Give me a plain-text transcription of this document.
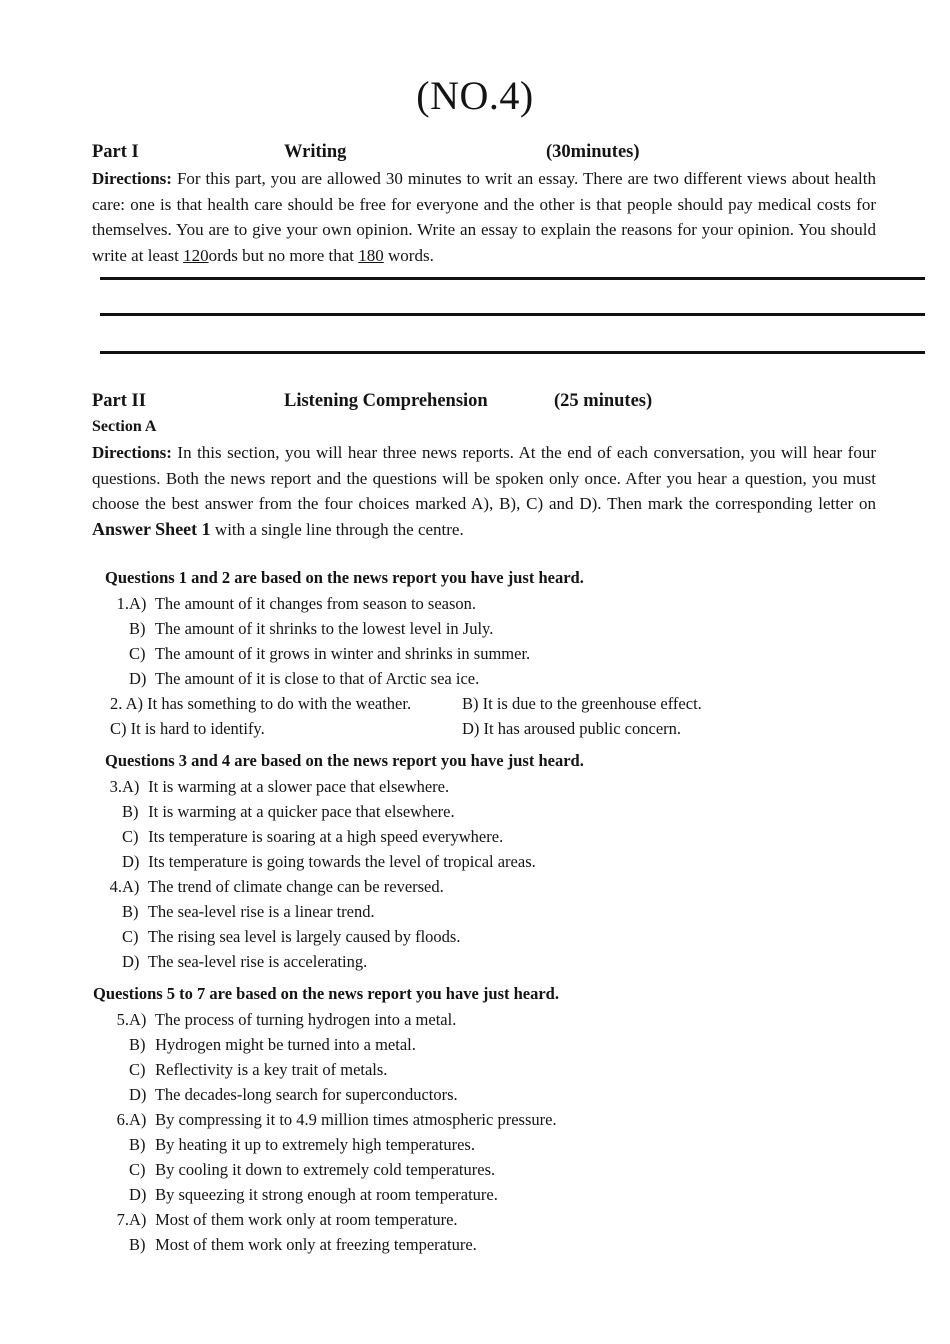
(NO.4)
Part I	Writing	(30minutes)
Directions: For this part, you are allowed 30 minutes to writ an essay. There are two different views about health care: one is that health care should be free for everyone and the other is that people should pay medical costs for themselves. You are to give your own opinion. Write an essay to explain the reasons for your opinion. You should write at least 120ords but no more that 180 words.
Part II	Listening Comprehension	(25 minutes)
Section A
Directions: In this section, you will hear three news reports. At the end of each conversation, you will hear four questions. Both the news report and the questions will be spoken only once. After you hear a question, you must choose the best answer from the four choices marked A), B), C) and D). Then mark the corresponding letter on Answer Sheet 1 with a single line through the centre.
Questions 1 and 2 are based on the news report you have just heard.
1.A) The amount of it changes from season to season.
B) The amount of it shrinks to the lowest level in July.
C) The amount of it grows in winter and shrinks in summer.
D) The amount of it is close to that of Arctic sea ice.
2. A) It has something to do with the weather.	B) It is due to the greenhouse effect.
C) It is hard to identify.	D) It has aroused public concern.
Questions 3 and 4 are based on the news report you have just heard.
3.A) It is warming at a slower pace that elsewhere.
B) It is warming at a quicker pace that elsewhere.
C) Its temperature is soaring at a high speed everywhere.
D) Its temperature is going towards the level of tropical areas.
4.A) The trend of climate change can be reversed.
B) The sea-level rise is a linear trend.
C) The rising sea level is largely caused by floods.
D) The sea-level rise is accelerating.
Questions 5 to 7 are based on the news report you have just heard.
5.A) The process of turning hydrogen into a metal.
B) Hydrogen might be turned into a metal.
C) Reflectivity is a key trait of metals.
D) The decades-long search for superconductors.
6.A) By compressing it to 4.9 million times atmospheric pressure.
B) By heating it up to extremely high temperatures.
C) By cooling it down to extremely cold temperatures.
D) By squeezing it strong enough at room temperature.
7.A) Most of them work only at room temperature.
B) Most of them work only at freezing temperature.
